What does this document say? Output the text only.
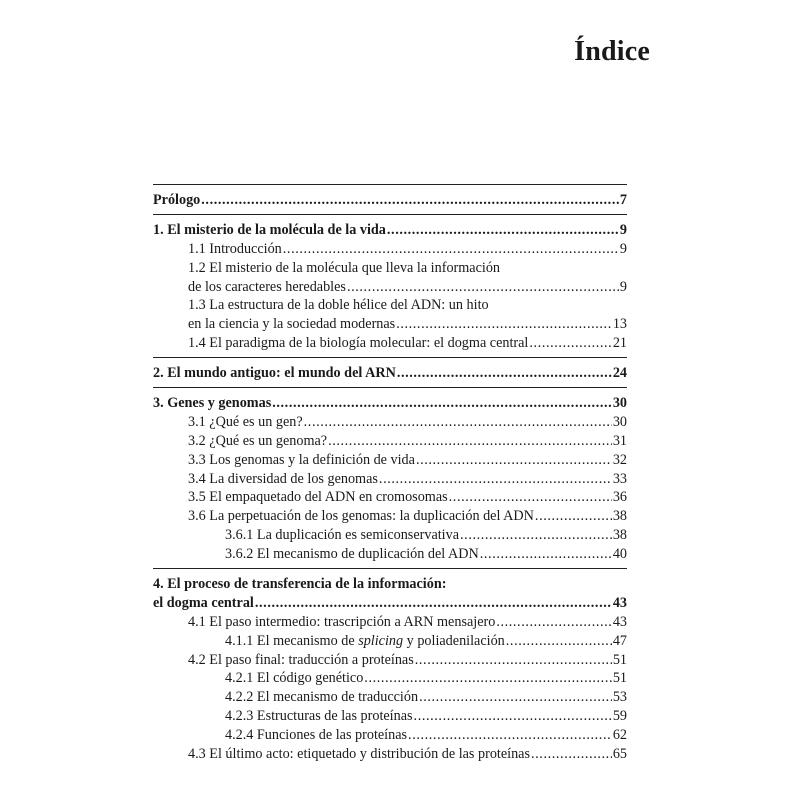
Índice
Prólogo .....	7
1. El misterio de la molécula de la vida .....	9
1.1 Introducción .....	9
1.2 El misterio de la molécula que lleva la información
de los caracteres heredables .....	9
1.3 La estructura de la doble hélice del ADN: un hito
en la ciencia y la sociedad modernas .....	13
1.4 El paradigma de la biología molecular: el dogma central .....	21
2. El mundo antiguo: el mundo del ARN .....	24
3. Genes y genomas .....	30
3.1 ¿Qué es un gen? .....	30
3.2 ¿Qué es un genoma? .....	31
3.3 Los genomas y la definición de vida .....	32
3.4 La diversidad de los genomas .....	33
3.5 El empaquetado del ADN en cromosomas .....	36
3.6 La perpetuación de los genomas: la duplicación del ADN .....	38
3.6.1 La duplicación es semiconservativa .....	38
3.6.2 El mecanismo de duplicación del ADN .....	40
4. El proceso de transferencia de la información:
el dogma central .....	43
4.1 El paso intermedio: trascripción a ARN mensajero .....	43
4.1.1 El mecanismo de splicing y poliadenilación .....	47
4.2 El paso final: traducción a proteínas .....	51
4.2.1 El código genético .....	51
4.2.2 El mecanismo de traducción .....	53
4.2.3 Estructuras de las proteínas .....	59
4.2.4 Funciones de las proteínas .....	62
4.3 El último acto: etiquetado y distribución de las proteínas .....	65
